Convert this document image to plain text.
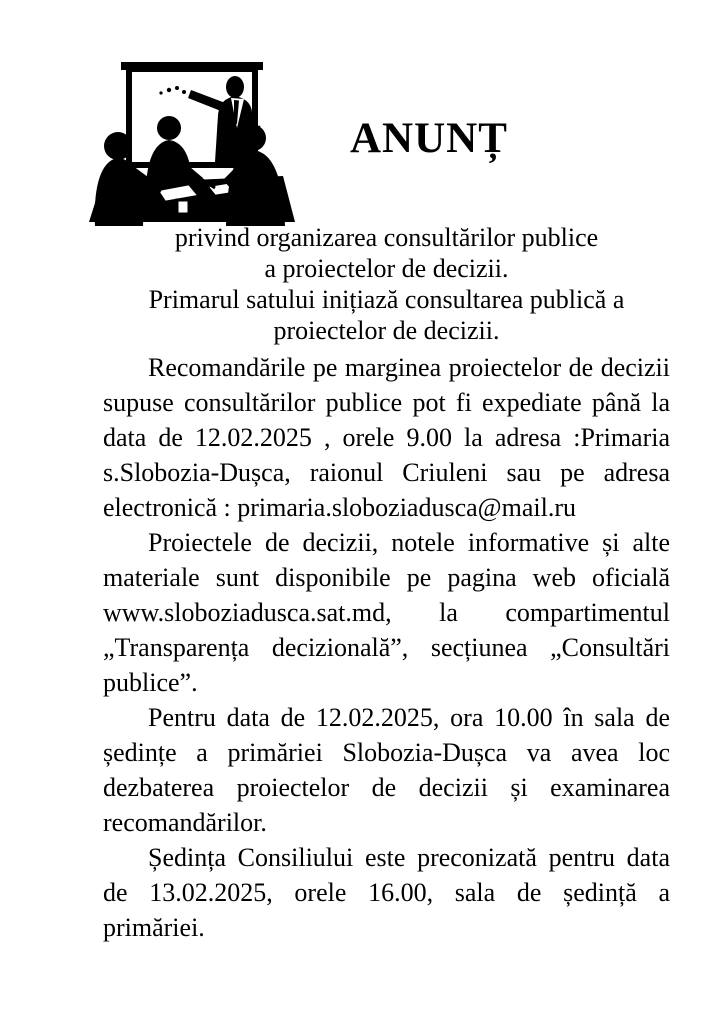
ANUNȚ
privind organizarea consultărilor publice
a proiectelor de decizii.
Primarul satului inițiază consultarea publică a
proiectelor de decizii.
Recomandările pe marginea proiectelor de decizii
supuse consultărilor publice pot fi expediate până la
data de 12.02.2025 , orele 9.00 la adresa :Primaria
s.Slobozia-Dușca, raionul Criuleni sau pe adresa
electronică : primaria.sloboziadusca@mail.ru
Proiectele de decizii, notele informative și alte
materiale sunt disponibile pe pagina web oficială
www.sloboziadusca.sat.md, la compartimentul
„Transparența decizională”, secțiunea „Consultări
publice”.
Pentru data de 12.02.2025, ora 10.00 în sala de
ședințe a primăriei Slobozia-Dușca va avea loc
dezbaterea proiectelor de decizii și examinarea
recomandărilor.
Ședința Consiliului este preconizată pentru data
de 13.02.2025, orele 16.00, sala de ședință a
primăriei.
